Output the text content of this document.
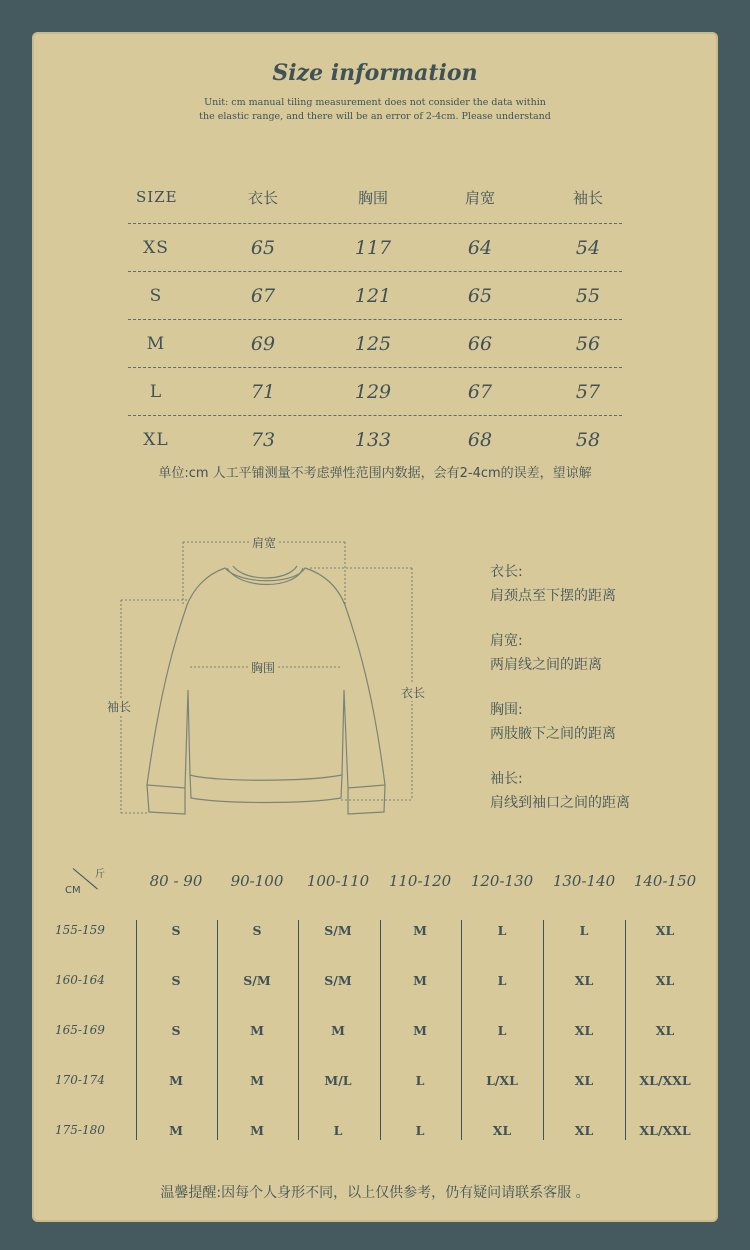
Size information
Unit: cm manual tiling measurement does not consider the data within the elastic range, and there will be an error of 2-4cm. Please understand
SIZE	衣长	胸围	肩宽	袖长
XS	65	117	64	54
S	67	121	65	55
M	69	125	66	56
L	71	129	67	57
XL	73	133	68	58
单位:cm 人工平铺测量不考虑弹性范围内数据，会有2-4cm的误差，望谅解
肩宽
胸围
袖长
衣长
衣长:
肩颈点至下摆的距离
肩宽:
两肩线之间的距离
胸围:
两肢腋下之间的距离
袖长:
肩线到袖口之间的距离
斤
CM
80 - 90	90-100	100-110	110-120	120-130	130-140	140-150
155-159	S	S	S/M	M	L	L	XL
160-164	S	S/M	S/M	M	L	XL	XL
165-169	S	M	M	M	L	XL	XL
170-174	M	M	M/L	L	L/XL	XL	XL/XXL
175-180	M	M	L	L	XL	XL	XL/XXL
温馨提醒:因每个人身形不同，以上仅供参考，仍有疑问请联系客服 。
